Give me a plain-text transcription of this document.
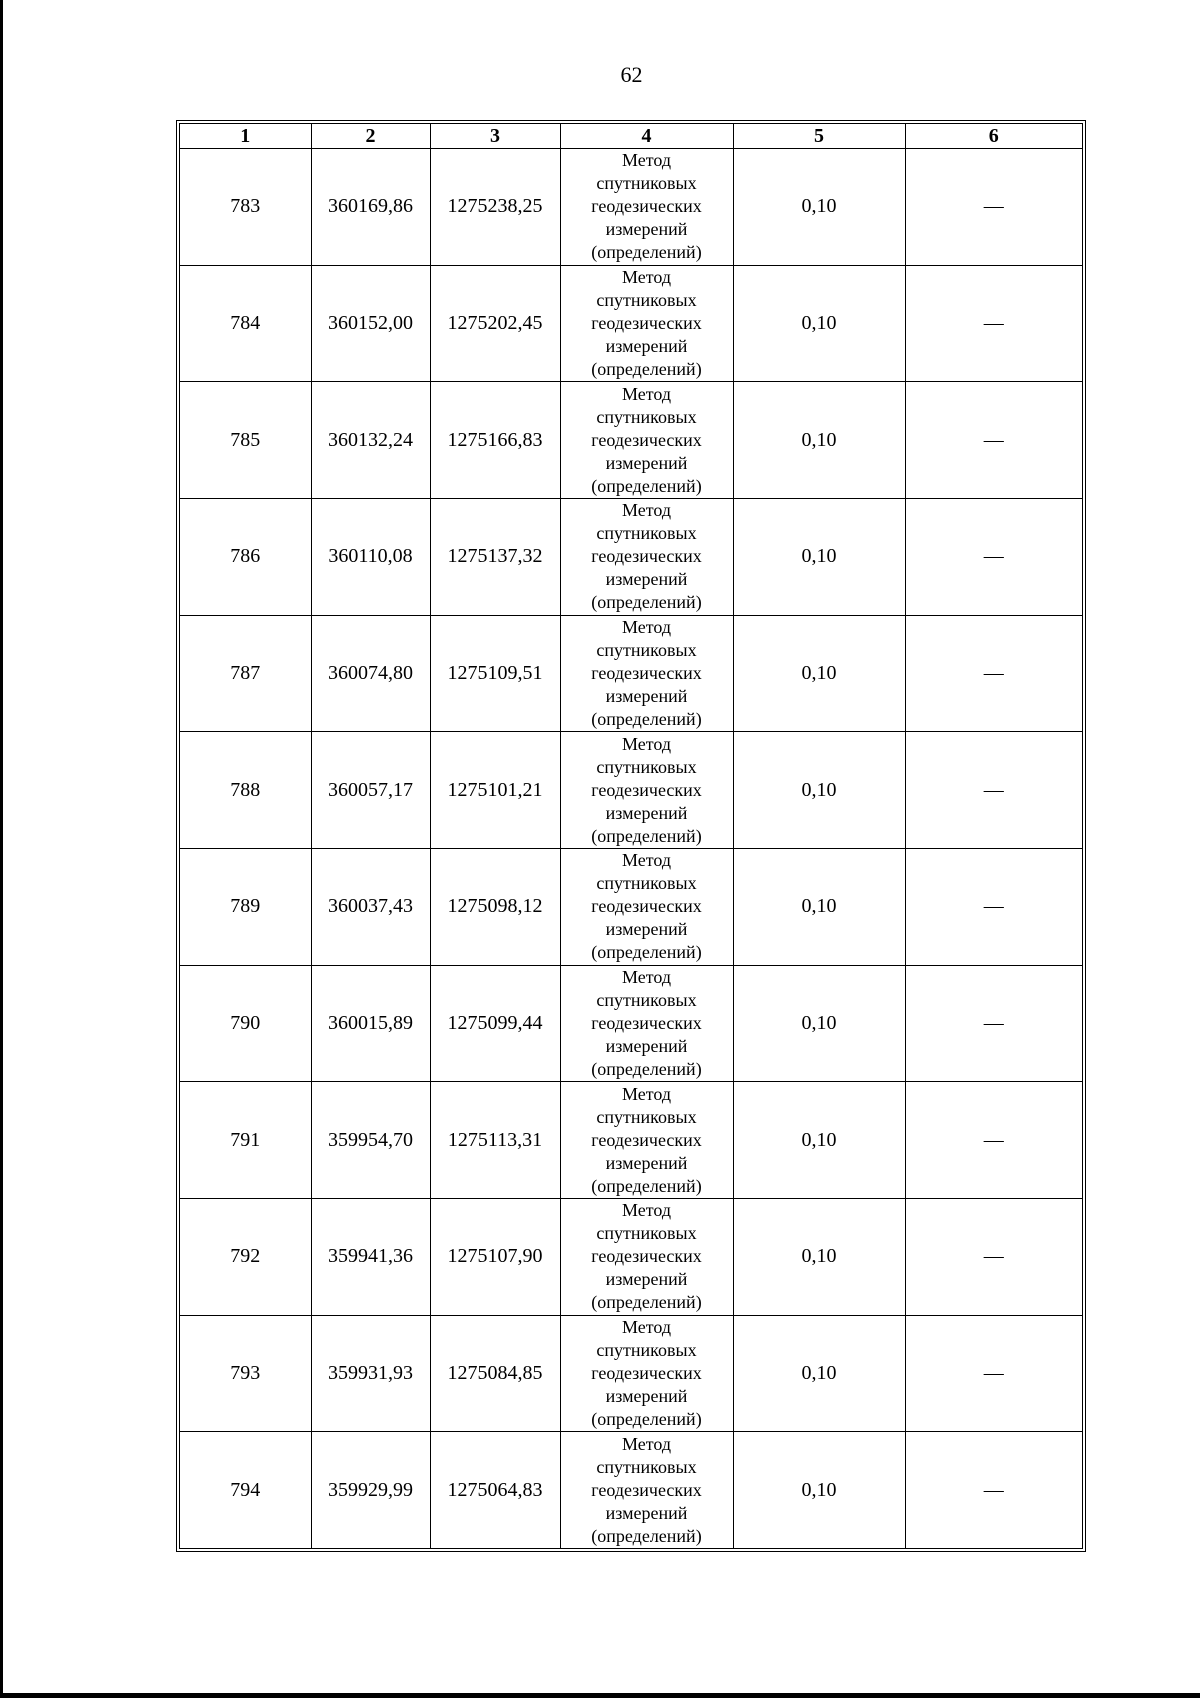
62
1	2	3	4	5	6
783	360169,86	1275238,25	Метод
спутниковых
геодезических
измерений
(определений)	0,10	—
784	360152,00	1275202,45	Метод
спутниковых
геодезических
измерений
(определений)	0,10	—
785	360132,24	1275166,83	Метод
спутниковых
геодезических
измерений
(определений)	0,10	—
786	360110,08	1275137,32	Метод
спутниковых
геодезических
измерений
(определений)	0,10	—
787	360074,80	1275109,51	Метод
спутниковых
геодезических
измерений
(определений)	0,10	—
788	360057,17	1275101,21	Метод
спутниковых
геодезических
измерений
(определений)	0,10	—
789	360037,43	1275098,12	Метод
спутниковых
геодезических
измерений
(определений)	0,10	—
790	360015,89	1275099,44	Метод
спутниковых
геодезических
измерений
(определений)	0,10	—
791	359954,70	1275113,31	Метод
спутниковых
геодезических
измерений
(определений)	0,10	—
792	359941,36	1275107,90	Метод
спутниковых
геодезических
измерений
(определений)	0,10	—
793	359931,93	1275084,85	Метод
спутниковых
геодезических
измерений
(определений)	0,10	—
794	359929,99	1275064,83	Метод
спутниковых
геодезических
измерений
(определений)	0,10	—
